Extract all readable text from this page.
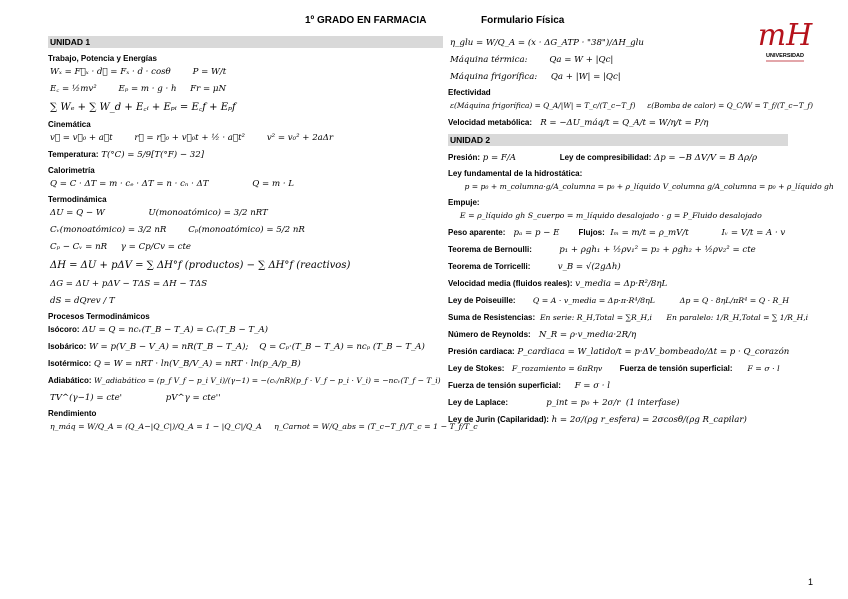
1º GRADO EN FARMACIA	Formulario Física	mH
UNIVERSIDAD
UNIDAD 1
Trabajo, Potencia y Energías
Wₓ = F⃗ₓ · d⃗ = Fₓ · d · cosθ        P = W/t
E꜀ = ½mv²        Eₚ = m · g · h     Fr = μN
∑ Wₑ + ∑ W_d + E꜀ᵢ + Eₚᵢ = E꜀f + Eₚf
Cinemática
v⃗ = v⃗₀ + a⃗t        r⃗ = r⃗₀ + v⃗₀t + ½ · a⃗t²        v² = v₀² + 2aΔr
Temperatura: T(°C) = 5/9[T(°F) − 32]
Calorimetría
Q = C · ΔT = m · cₑ · ΔT = n · cₙ · ΔT                Q = m · L
Termodinámica
ΔU = Q − W                U(monoatómico) = 3/2 nRT
Cᵥ(monoatómico) = 3/2 nR        Cₚ(monoatómico) = 5/2 nR
Cₚ − Cᵥ = nR     γ = Cp/Cv = cte
ΔH = ΔU + pΔV = ∑ ΔH°f (productos) − ∑ ΔH°f (reactivos)
ΔG = ΔU + pΔV − TΔS = ΔH − TΔS
dS = dQrev / T
Procesos Termodinámicos
Isócoro: ΔU = Q = ncᵥ(T_B − T_A) = Cᵥ(T_B − T_A)
Isobárico: W = p(V_B − V_A) = nR(T_B − T_A);    Q = Cₚ·(T_B − T_A) = ncₚ (T_B − T_A)
Isotérmico: Q = W = nRT · ln(V_B/V_A) = nRT · ln(p_A/p_B)
Adiabático: W_adiabático = (p_f V_f − p_i V_i)/(γ−1) = −(cᵥ/nR)(p_f · V_f − p_i · V_i) = −ncᵥ(T_f − T_i)
TV^(γ−1) = cte'                pV^γ = cte''
Rendimiento
η_máq = W/Q_A = (Q_A−|Q_C|)/Q_A = 1 − |Q_C|/Q_A     η_Carnot = W/Q_abs = (T_c−T_f)/T_c = 1 − T_f/T_c
η_glu = W/Q_A = (x · ΔG_ATP · "38")/ΔH_glu
Máquina térmica:        Qa = W + |Qc|
Máquina frigorífica:     Qa + |W| = |Qc|
Efectividad
ε(Máquina frigorífica) = Q_A/|W| = T_c/(T_c−T_f)     ε(Bomba de calor) = Q_C/W = T_f/(T_c−T_f)
Velocidad metabólica:   R = −ΔU_máq/t = Q_A/t = W/η/t = P/η
UNIDAD 2
Presión: p = F/A                Ley de compresibilidad: Δp = −B ΔV/V = B Δρ/ρ
Ley fundamental de la hidrostática:
p = p₀ + m_columna·g/A_columna = p₀ + ρ_líquido V_columna g/A_columna = p₀ + ρ_líquido gh
Empuje:
E = ρ_líquido gh S_cuerpo = m_líquido desalojado · g = P_Fluido desalojado
Peso aparente:   pₐ = p − E       Flujos:  Iₘ = m/t = ρ_mV/t            Iᵥ = V/t = A · v
Teorema de Bernoulli:          p₁ + ρgh₁ + ½ρv₁² = p₂ + ρgh₂ + ½ρv₂² = cte
Teorema de Torricelli:          v_B = √(2gΔh)
Velocidad media (fluidos reales): v_media = Δp·R²/8ηL
Ley de Poiseuille:       Q = A · v_media = Δp·π·R⁴/8ηL          Δp = Q · 8ηL/πR⁴ = Q · R_H
Suma de Resistencias:  En serie: R_H,Total = ∑R_H,i      En paralelo: 1/R_H,Total = ∑ 1/R_H,i
Número de Reynolds:   N_R = ρ·v_media·2R/η
Presión cardiaca: P_cardiaca = W_latido/t = p·ΔV_bombeado/Δt = p · Q_corazón
Ley de Stokes:   F_rozamiento = 6πRηv       Fuerza de tensión superficial:      F = σ · l
Fuerza de tensión superficial:     F = σ · l
Ley de Laplace:              p_int = p₀ + 2σ/r  (1 interfase)
Ley de Jurin (Capilaridad): h = 2σ/(ρg r_esfera) = 2σcosθ/(ρg R_capilar)
1
